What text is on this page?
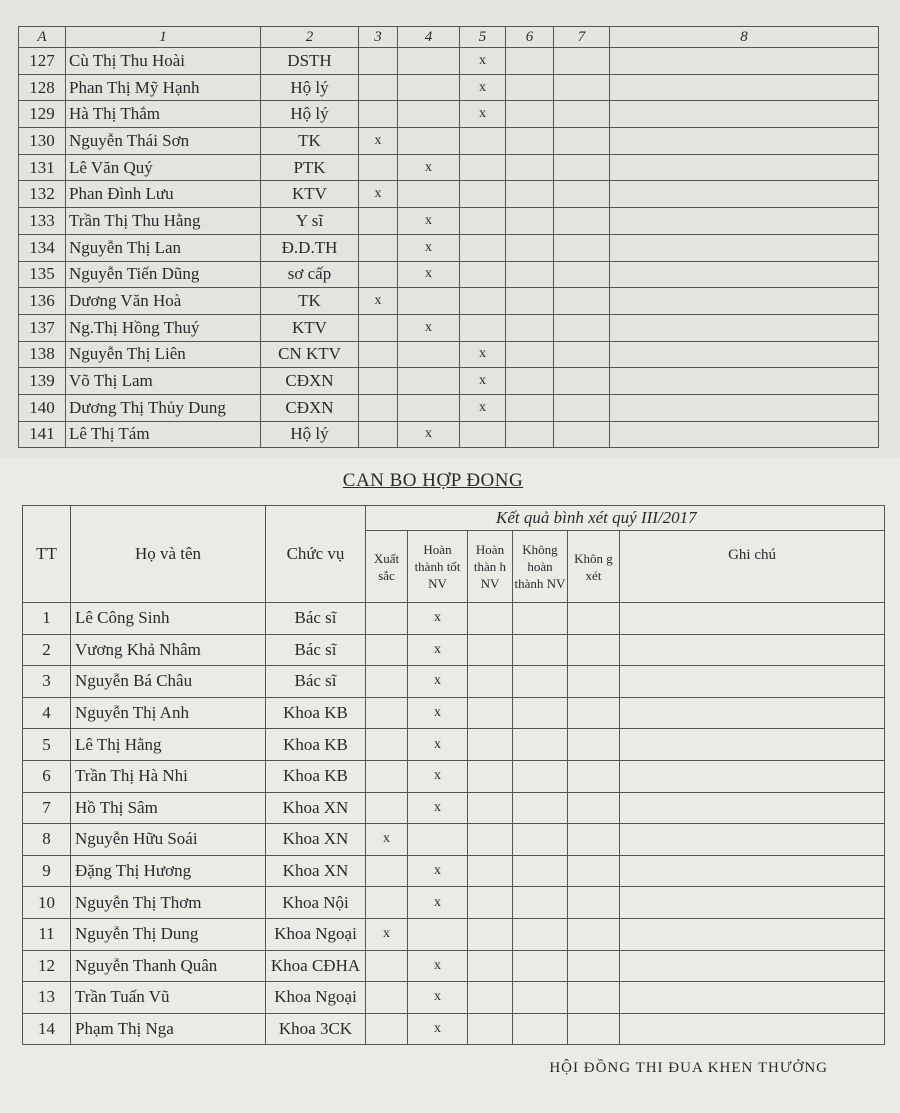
A	1	2	3	4	5	6	7	8
127	Cù Thị Thu Hoài	DSTH			x			
128	Phan Thị Mỹ Hạnh	Hộ lý			x			
129	Hà Thị Thắm	Hộ lý			x			
130	Nguyễn Thái Sơn	TK	x					
131	Lê Văn Quý	PTK		x				
132	Phan Đình Lưu	KTV	x					
133	Trần Thị Thu Hằng	Y sĩ		x				
134	Nguyễn Thị Lan	Đ.D.TH		x				
135	Nguyễn Tiến Dũng	sơ cấp		x				
136	Dương Văn Hoà	TK	x					
137	Ng.Thị Hồng Thuý	KTV		x				
138	Nguyễn Thị Liên	CN KTV			x			
139	Võ Thị Lam	CĐXN			x			
140	Dương Thị Thủy Dung	CĐXN			x			
141	Lê Thị Tám	Hộ lý		x				
CAN BO HỢP ĐONG
TT	Họ và tên	Chức vụ	Kết quả bình xét quý III/2017					
			Xuất sắc	Hoàn thành tốt NV	Hoàn thàn h NV	Không hoàn thành NV	Khôn g xét	Ghi chú
1	Lê Công Sinh	Bác sĩ		x				
2	Vương Khả Nhâm	Bác sĩ		x				
3	Nguyễn Bá Châu	Bác sĩ		x				
4	Nguyễn Thị Anh	Khoa KB		x				
5	Lê Thị Hằng	Khoa KB		x				
6	Trần Thị Hà Nhi	Khoa KB		x				
7	Hồ Thị Sâm	Khoa XN		x				
8	Nguyễn Hữu Soái	Khoa XN	x					
9	Đặng Thị Hương	Khoa XN		x				
10	Nguyễn Thị Thơm	Khoa Nội		x				
11	Nguyễn Thị Dung	Khoa Ngoại	x					
12	Nguyễn Thanh Quân	Khoa CĐHA		x				
13	Trần Tuấn Vũ	Khoa Ngoại		x				
14	Phạm Thị Nga	Khoa 3CK		x				
HỘI ĐỒNG THI ĐUA KHEN THƯỞNG
